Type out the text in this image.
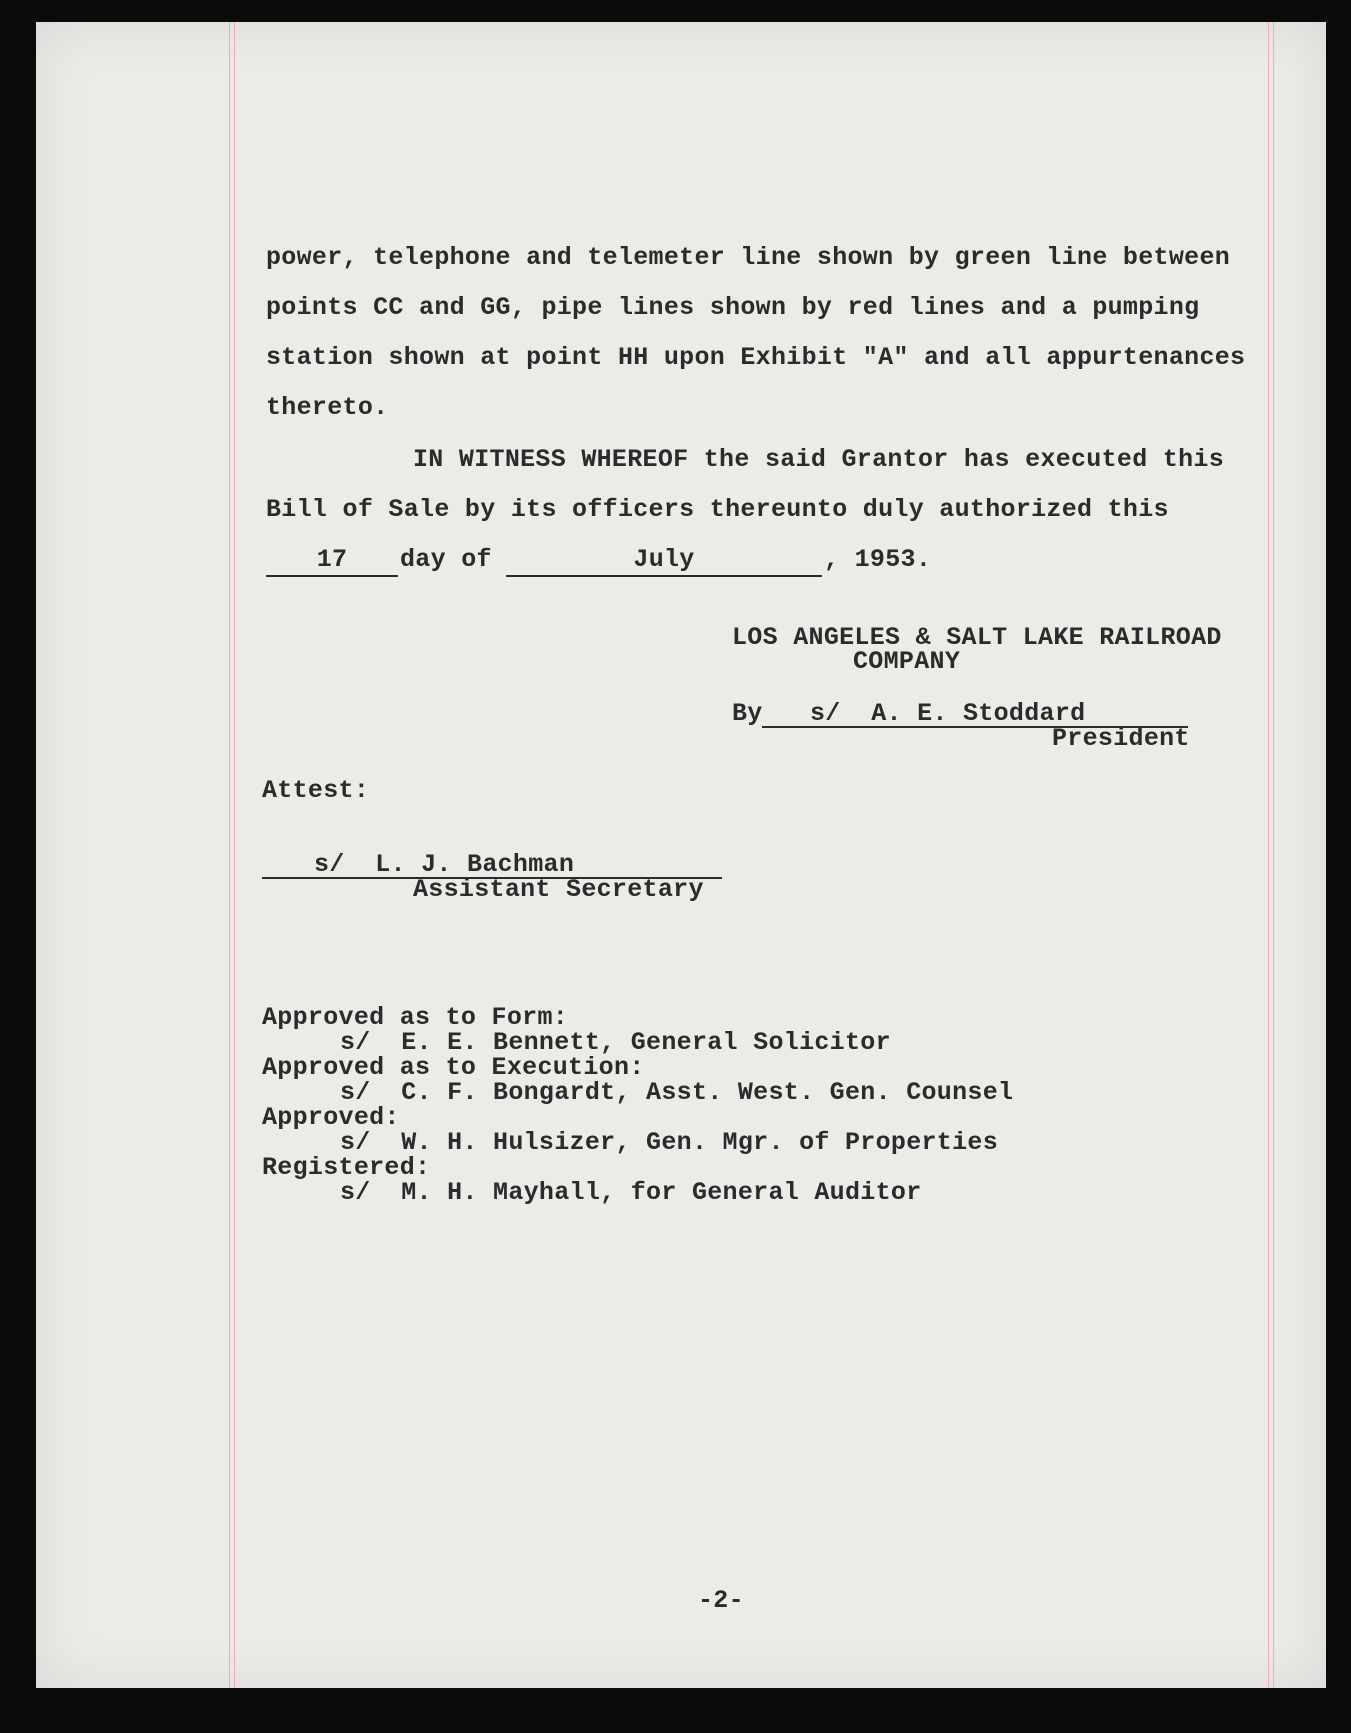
power, telephone and telemeter line shown by green line between

points CC and GG, pipe lines shown by red lines and a pumping

station shown at point HH upon Exhibit "A" and all appurtenances

thereto.

IN WITNESS WHEREOF the said Grantor has executed this

Bill of Sale by its officers thereunto duly authorized this

17	day of	July	, 1953.

LOS ANGELES & SALT LAKE RAILROAD

COMPANY

By s/  A. E. Stoddard

President

Attest:

s/  L. J. Bachman

Assistant Secretary

Approved as to Form:

s/  E. E. Bennett, General Solicitor

Approved as to Execution:

s/  C. F. Bongardt, Asst. West. Gen. Counsel

Approved:

s/  W. H. Hulsizer, Gen. Mgr. of Properties

Registered:

s/  M. H. Mayhall, for General Auditor

-2-
